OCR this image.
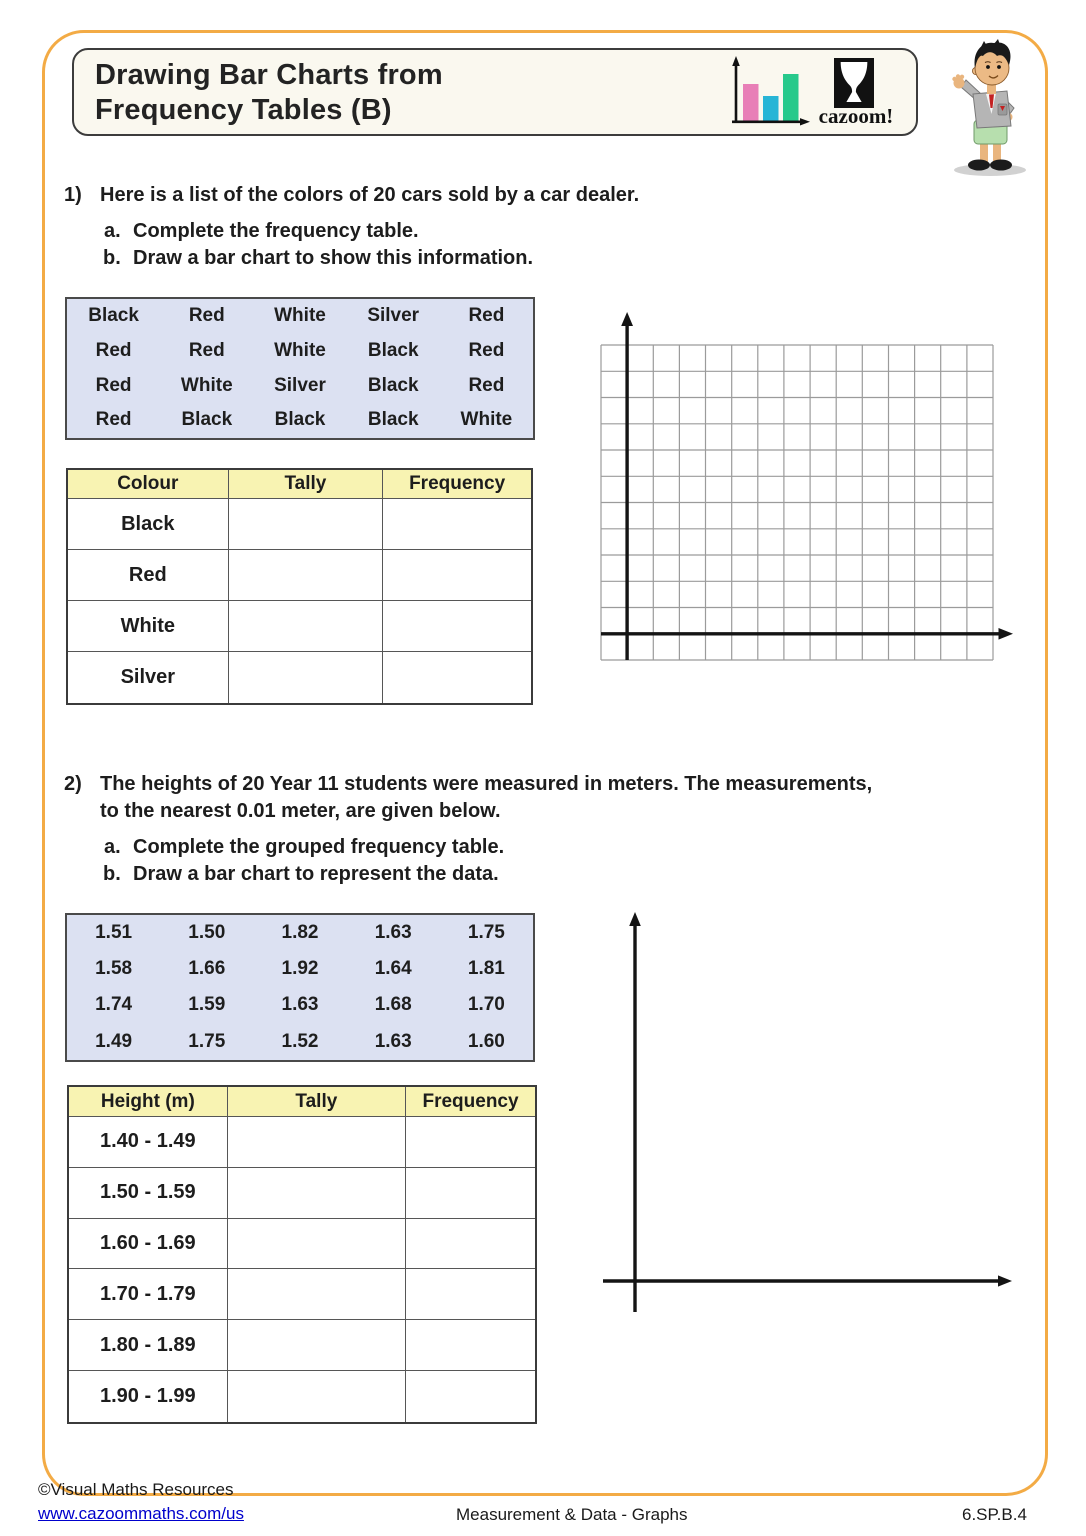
Drawing Bar Charts from
Frequency Tables (B)	cazoom!
1) Here is a list of the colors of 20 cars sold by a car dealer.
a. Complete the frequency table.
b. Draw a bar chart to show this information.
Black	Red	White	Silver	Red
Red	Red	White	Black	Red
Red	White	Silver	Black	Red
Red	Black	Black	Black	White
Colour	Tally	Frequency
Black
Red
White
Silver
2) The heights of 20 Year 11 students were measured in meters. The measurements,
to the nearest 0.01 meter, are given below.
a. Complete the grouped frequency table.
b. Draw a bar chart to represent the data.
1.51	1.50	1.82	1.63	1.75
1.58	1.66	1.92	1.64	1.81
1.74	1.59	1.63	1.68	1.70
1.49	1.75	1.52	1.63	1.60
Height (m)	Tally	Frequency
1.40 - 1.49
1.50 - 1.59
1.60 - 1.69
1.70 - 1.79
1.80 - 1.89
1.90 - 1.99
©Visual Maths Resources
www.cazoommaths.com/us	Measurement & Data - Graphs	6.SP.B.4
